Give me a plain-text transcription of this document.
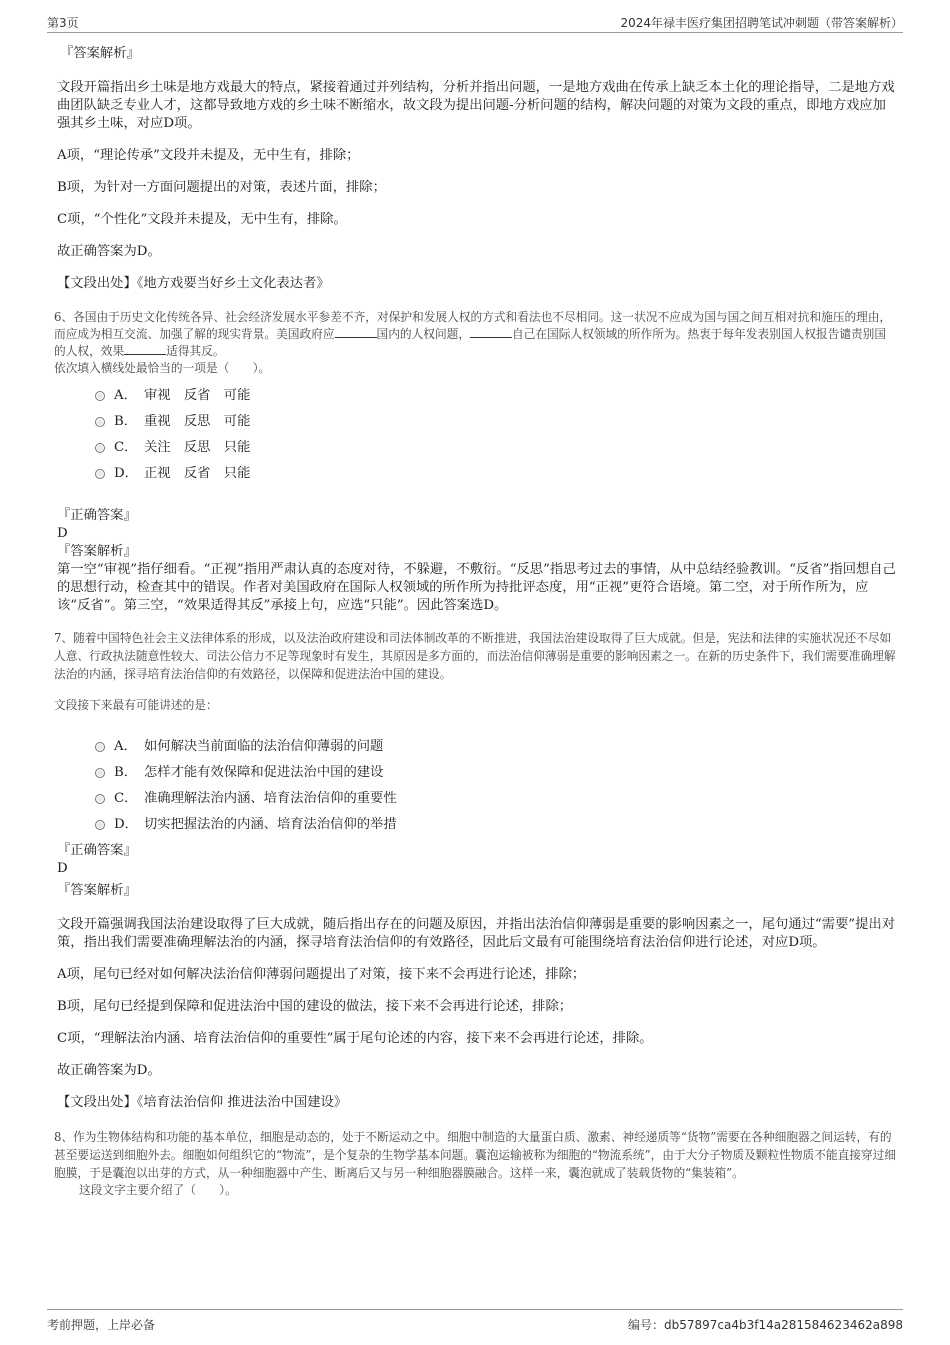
第3页	2024年禄丰医疗集团招聘笔试冲刺题（带答案解析）

『答案解析』

文段开篇指出乡土味是地方戏最大的特点，紧接着通过并列结构，分析并指出问题，一是地方戏曲在传承上缺乏本土化的理论指导，二是地方戏曲团队缺乏专业人才，这都导致地方戏的乡土味不断缩水，故文段为提出问题-分析问题的结构，解决问题的对策为文段的重点，即地方戏应加强其乡土味，对应D项。

A项，“理论传承”文段并未提及，无中生有，排除；

B项，为针对一方面问题提出的对策，表述片面，排除；

C项，“个性化”文段并未提及，无中生有，排除。

故正确答案为D。

【文段出处】《地方戏要当好乡土文化表达者》

6、各国由于历史文化传统各异、社会经济发展水平参差不齐，对保护和发展人权的方式和看法也不尽相同。这一状况不应成为国与国之间互相对抗和施压的理由，而应成为相互交流、加强了解的现实背景。美国政府应	国内的人权问题，	自己在国际人权领域的所作所为。热衷于每年发表别国人权报告谴责别国的人权，效果	适得其反。

依次填入横线处最恰当的一项是（　　）。

A． 审视　反省　可能
B． 重视　反思　可能
C． 关注　反思　只能
D． 正视　反省　只能

『正确答案』

D

『答案解析』

第一空“审视”指仔细看。“正视”指用严肃认真的态度对待，不躲避，不敷衍。“反思”指思考过去的事情，从中总结经验教训。“反省”指回想自己的思想行动，检查其中的错误。作者对美国政府在国际人权领域的所作所为持批评态度，用“正视”更符合语境。第二空，对于所作所为，应该“反省”。第三空，“效果适得其反”承接上句，应选“只能”。因此答案选D。

7、随着中国特色社会主义法律体系的形成，以及法治政府建设和司法体制改革的不断推进，我国法治建设取得了巨大成就。但是，宪法和法律的实施状况还不尽如人意、行政执法随意性较大、司法公信力不足等现象时有发生，其原因是多方面的，而法治信仰薄弱是重要的影响因素之一。在新的历史条件下，我们需要准确理解法治的内涵，探寻培育法治信仰的有效路径，以保障和促进法治中国的建设。

文段接下来最有可能讲述的是：

A． 如何解决当前面临的法治信仰薄弱的问题
B． 怎样才能有效保障和促进法治中国的建设
C． 准确理解法治内涵、培育法治信仰的重要性
D． 切实把握法治的内涵、培育法治信仰的举措

『正确答案』

D

『答案解析』

文段开篇强调我国法治建设取得了巨大成就，随后指出存在的问题及原因，并指出法治信仰薄弱是重要的影响因素之一，尾句通过“需要”提出对策，指出我们需要准确理解法治的内涵，探寻培育法治信仰的有效路径，因此后文最有可能围绕培育法治信仰进行论述，对应D项。

A项，尾句已经对如何解决法治信仰薄弱问题提出了对策，接下来不会再进行论述，排除；

B项，尾句已经提到保障和促进法治中国的建设的做法，接下来不会再进行论述，排除；

C项，“理解法治内涵、培育法治信仰的重要性”属于尾句论述的内容，接下来不会再进行论述，排除。

故正确答案为D。

【文段出处】《培育法治信仰 推进法治中国建设》

8、作为生物体结构和功能的基本单位，细胞是动态的，处于不断运动之中。细胞中制造的大量蛋白质、激素、神经递质等“货物”需要在各种细胞器之间运转，有的甚至要运送到细胞外去。细胞如何组织它的“物流”，是个复杂的生物学基本问题。囊泡运输被称为细胞的“物流系统”，由于大分子物质及颗粒性物质不能直接穿过细胞膜，于是囊泡以出芽的方式，从一种细胞器中产生、断离后又与另一种细胞器膜融合。这样一来，囊泡就成了装载货物的“集装箱”。

这段文字主要介绍了（　　）。

考前押题，上岸必备	编号：db57897ca4b3f14a281584623462a898
